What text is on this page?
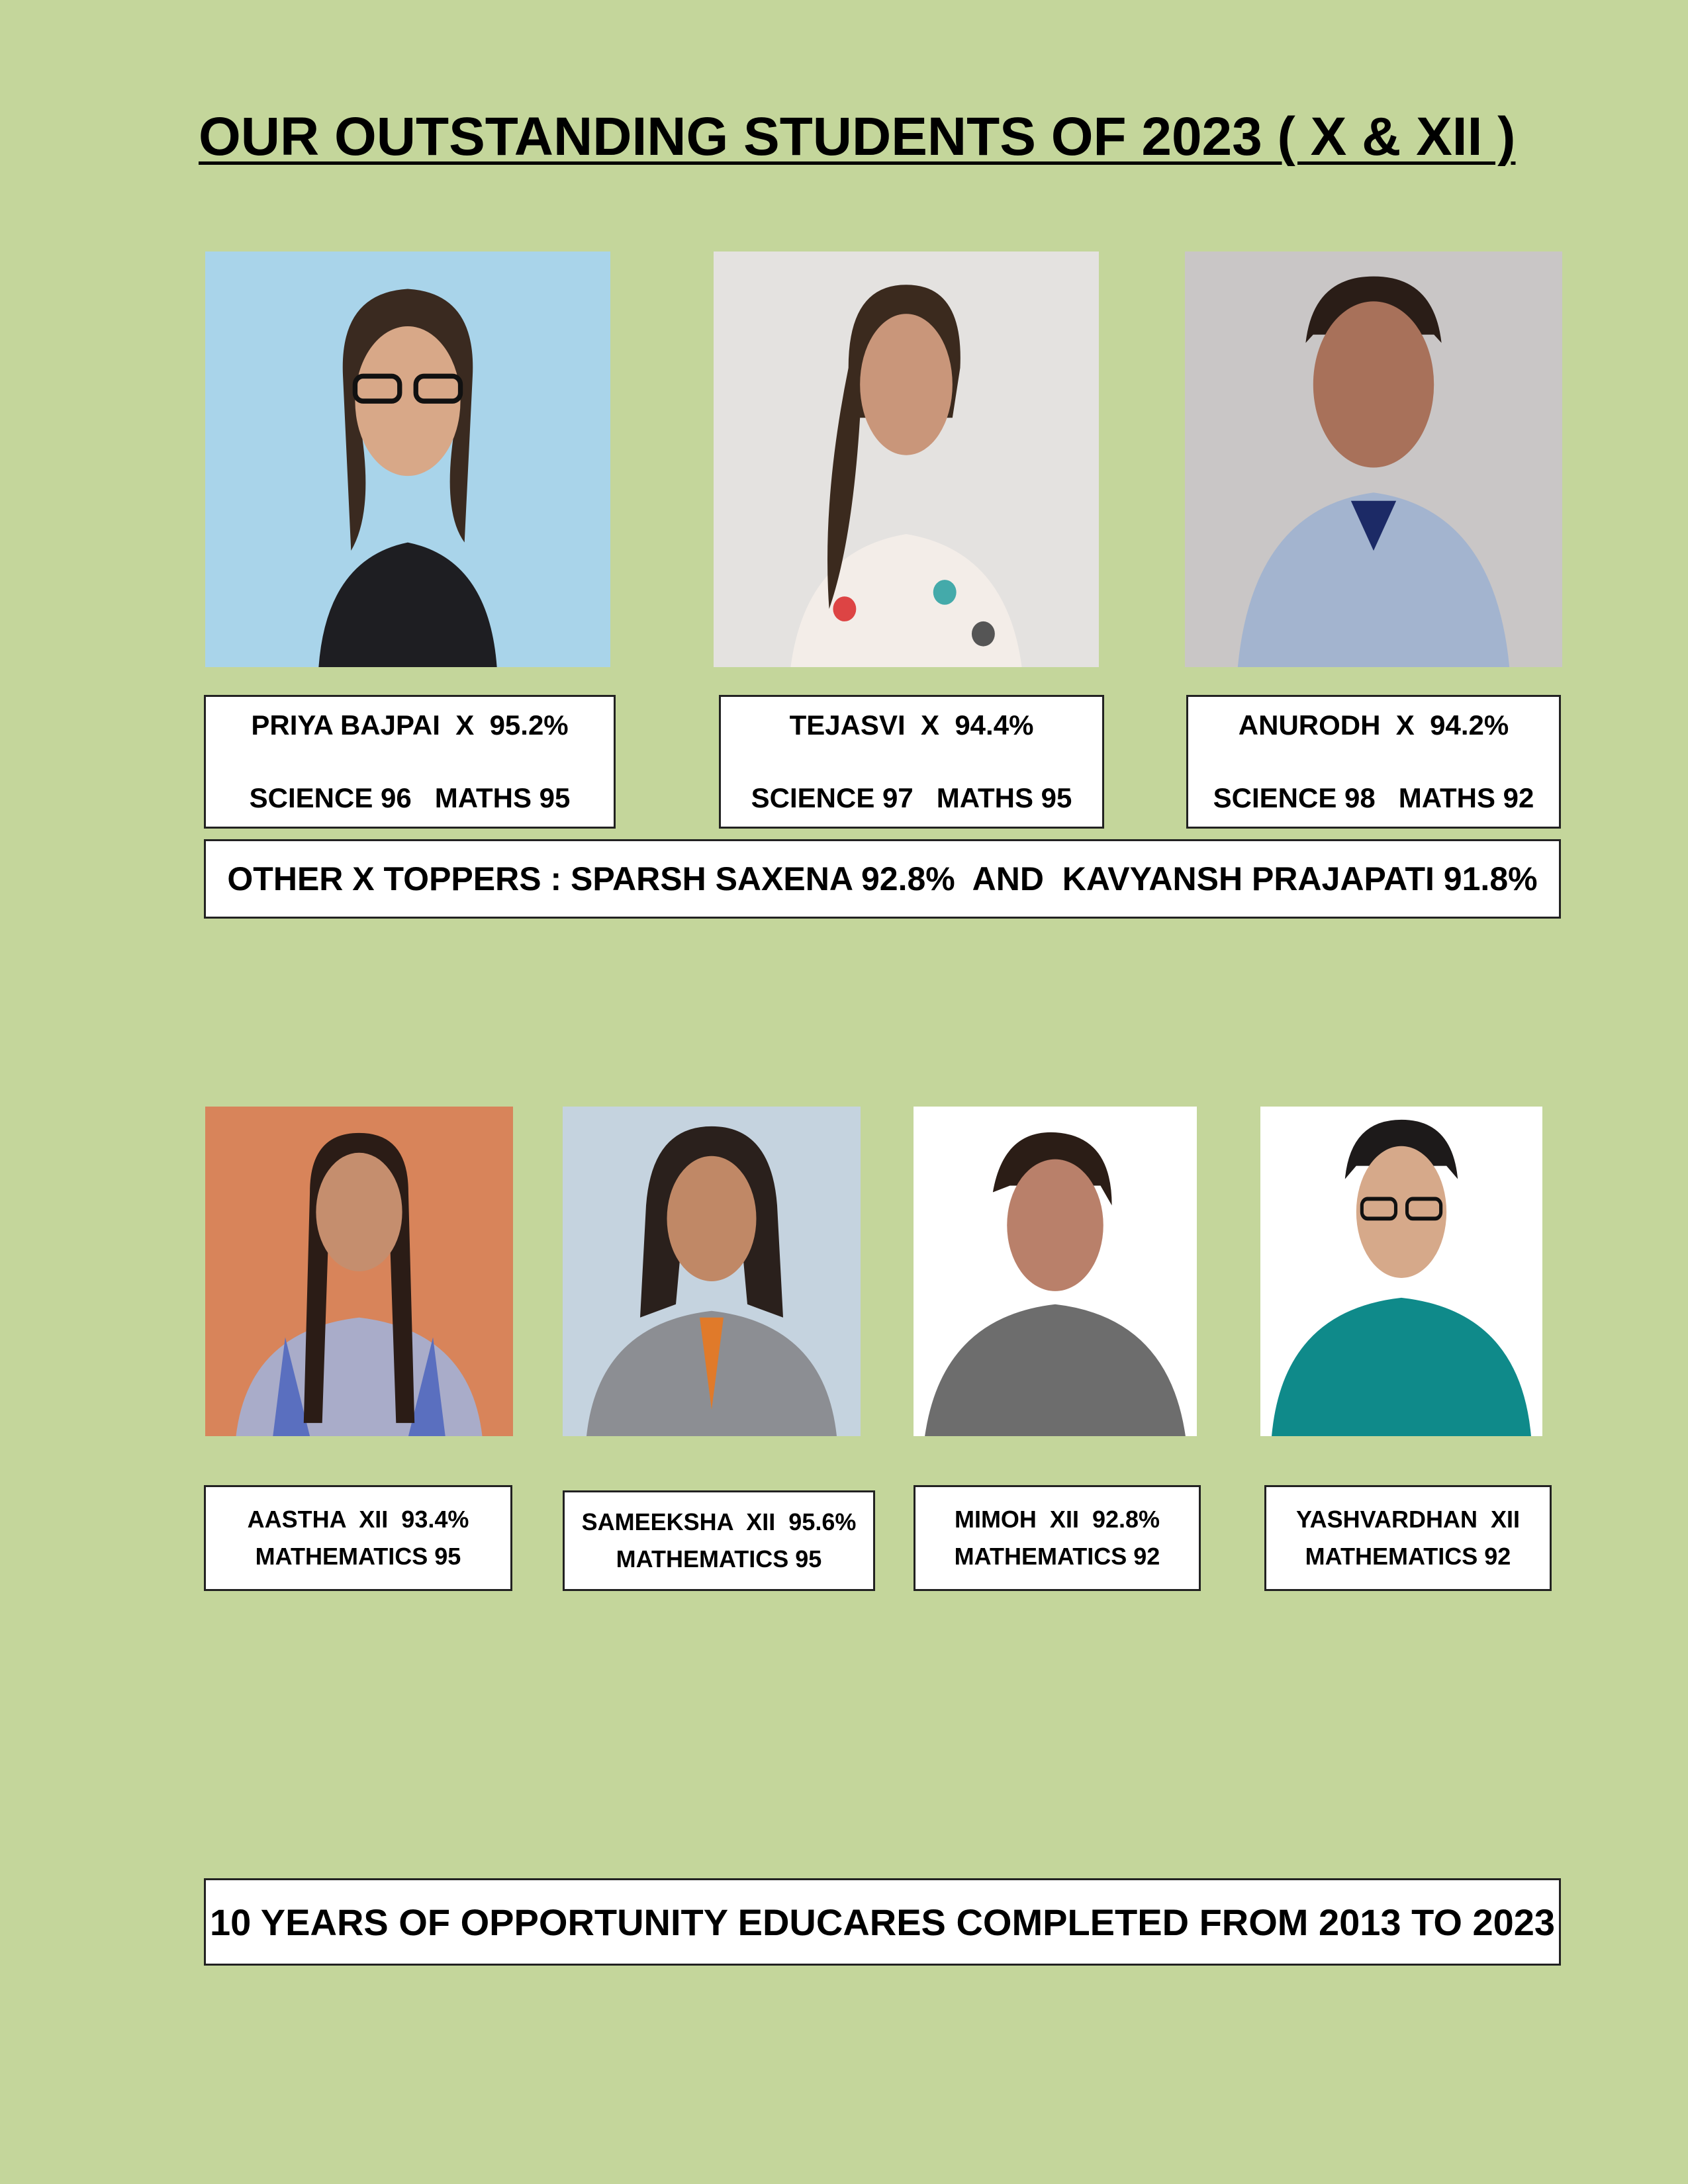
OUR OUTSTANDING STUDENTS OF 2023 ( X & XII )
PRIYA BAJPAI  X  95.2%
SCIENCE 96   MATHS 95
TEJASVI  X  94.4%
SCIENCE 97   MATHS 95
ANURODH  X  94.2%
SCIENCE 98   MATHS 92
OTHER X TOPPERS : SPARSH SAXENA 92.8%  AND  KAVYANSH PRAJAPATI 91.8%
AASTHA  XII  93.4%
MATHEMATICS 95
SAMEEKSHA  XII  95.6%
MATHEMATICS 95
MIMOH  XII  92.8%
MATHEMATICS 92
YASHVARDHAN  XII
MATHEMATICS 92
10 YEARS OF OPPORTUNITY EDUCARES COMPLETED FROM 2013 TO 2023
